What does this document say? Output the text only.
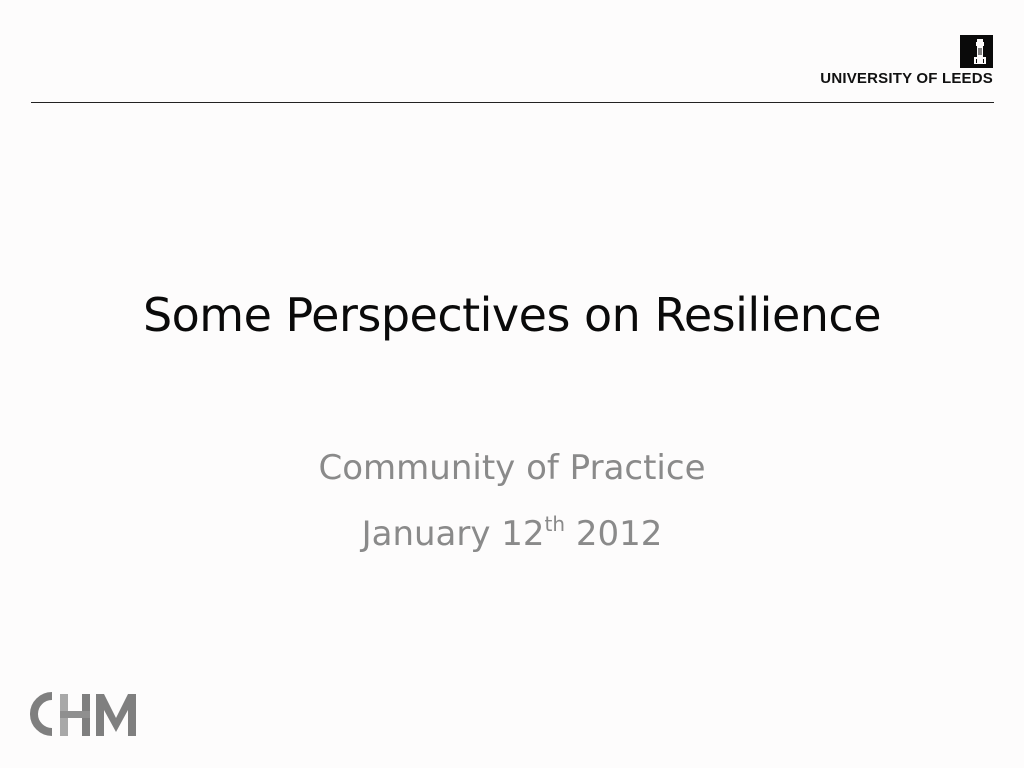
UNIVERSITY OF LEEDS
Some Perspectives on Resilience
Community of Practice
January 12th 2012
